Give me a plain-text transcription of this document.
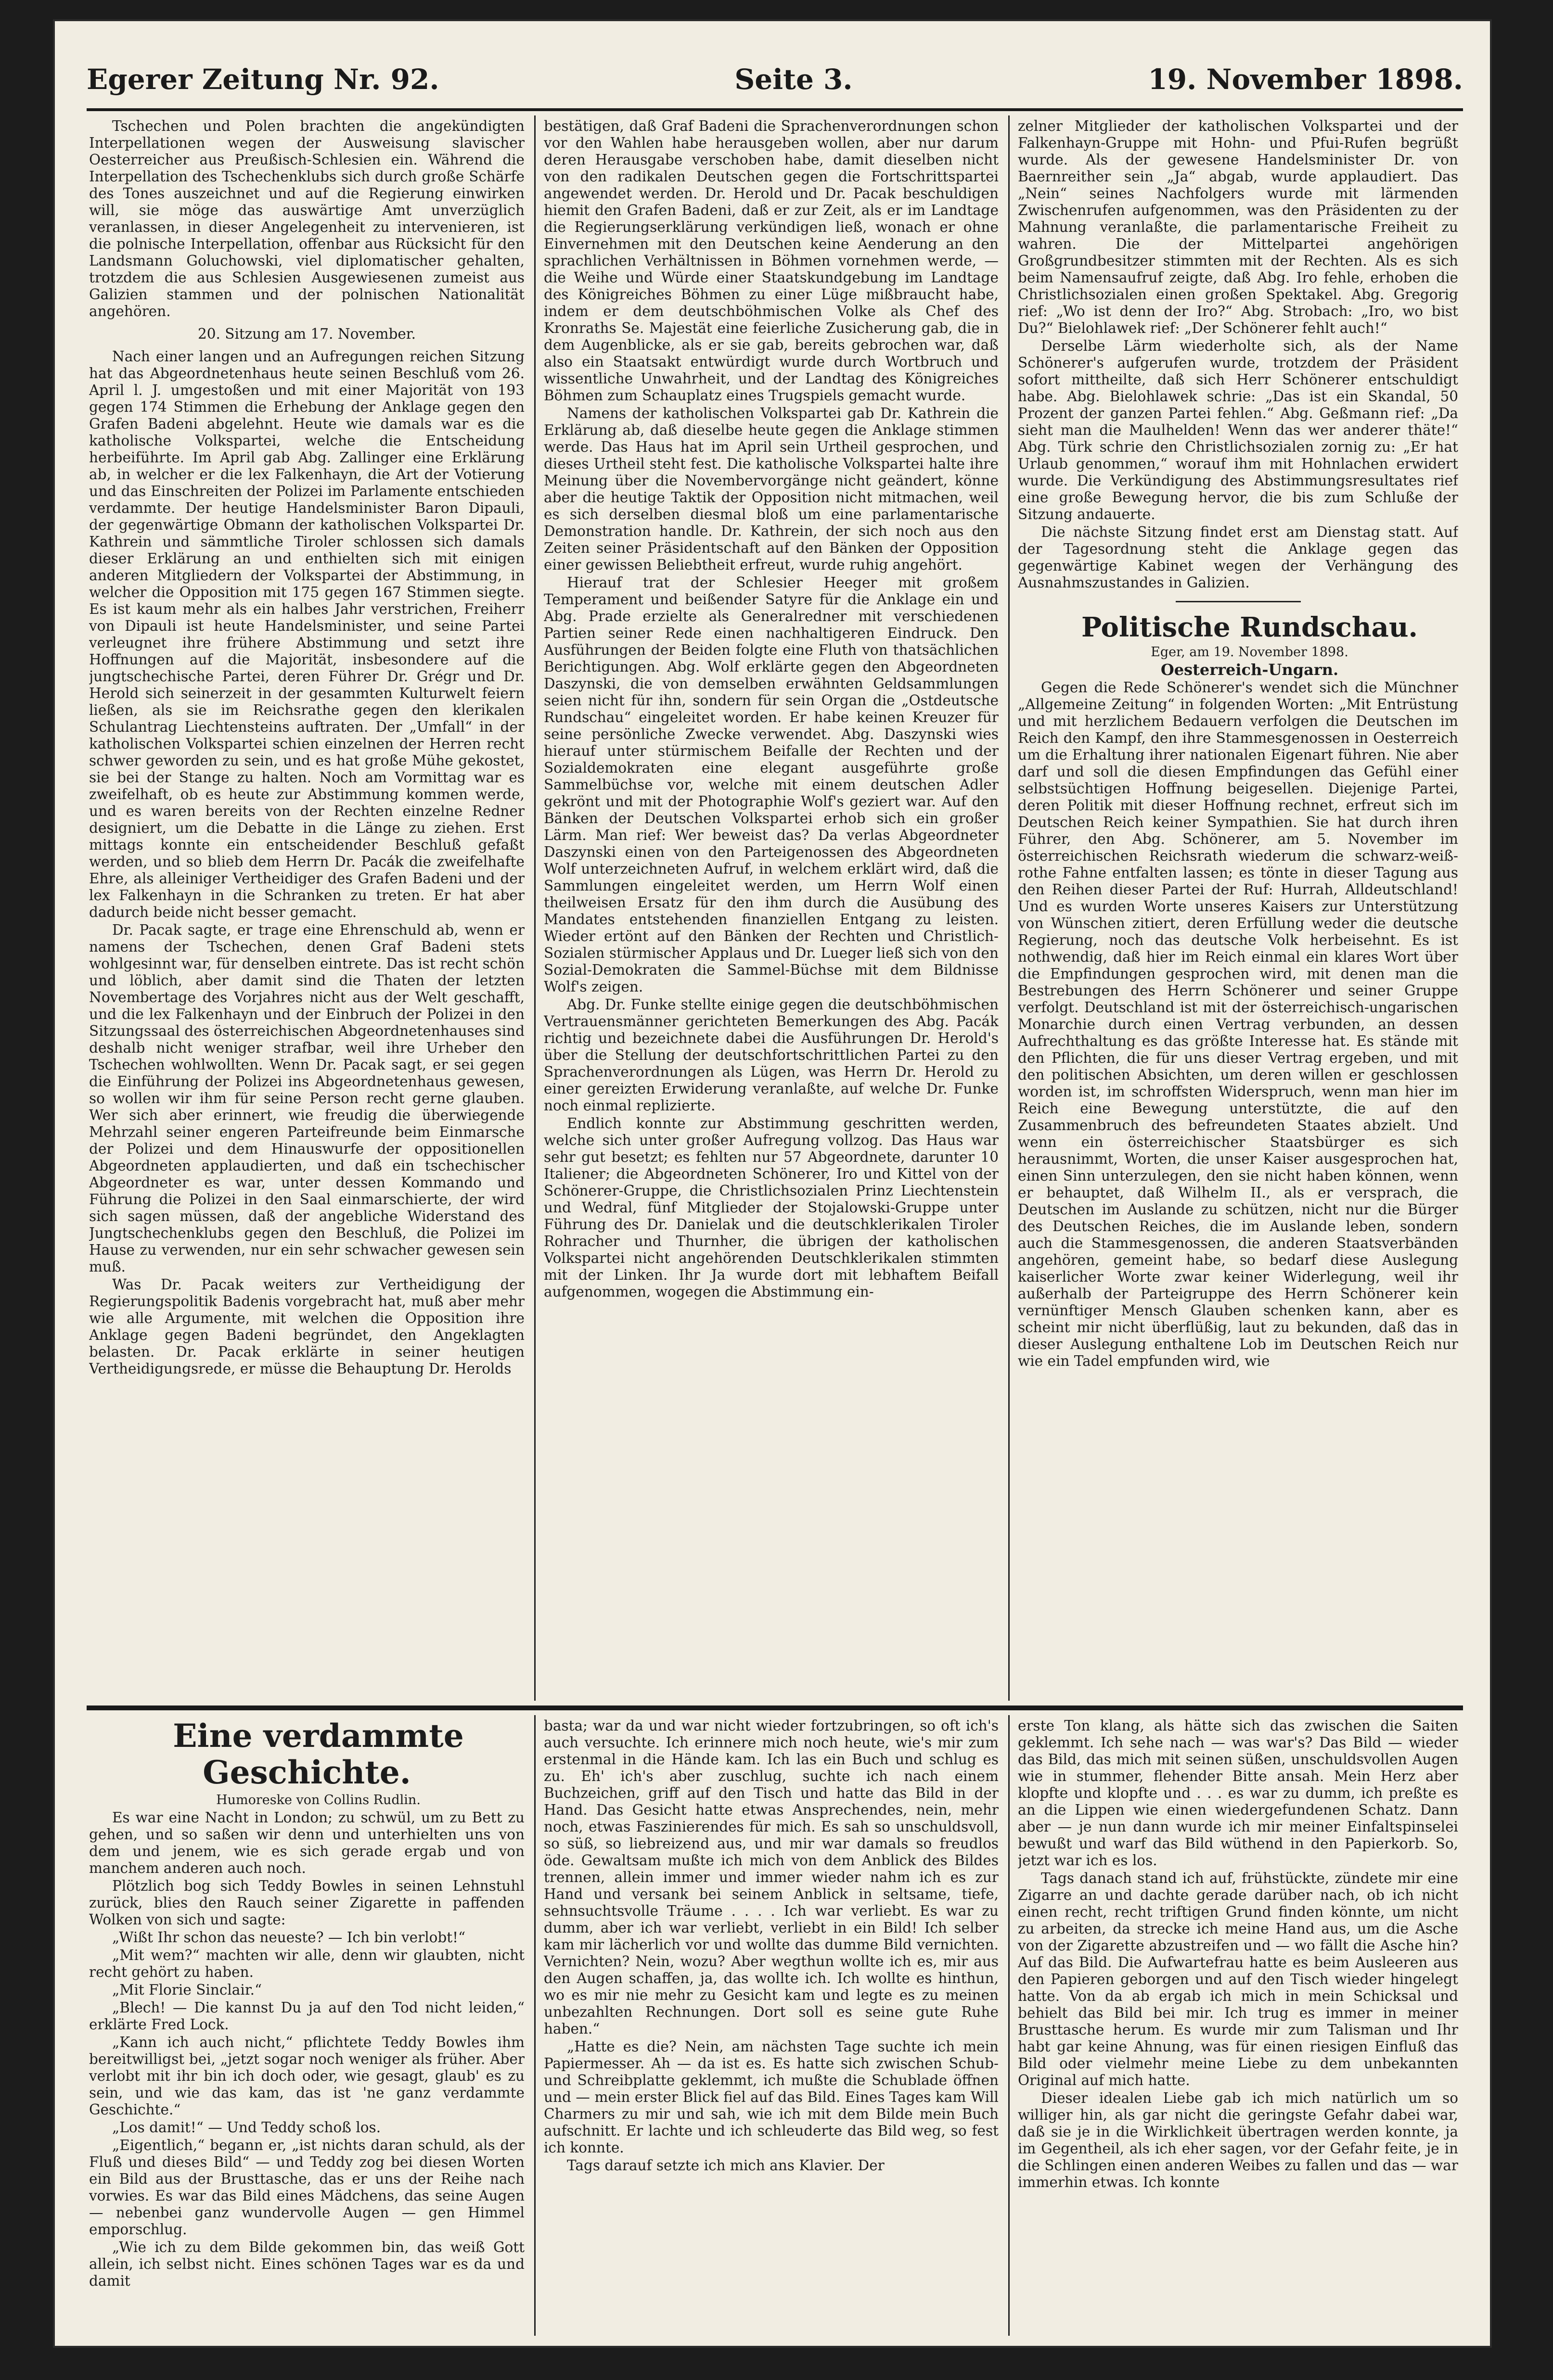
Egerer Zeitung Nr. 92.	Seite 3.	19. November 1898.

Tschechen und Polen brachten die angekündigten Interpellationen wegen der Ausweisung slavischer Oesterreicher aus Preußisch-Schlesien ein. Während die Interpellation des Tschechenklubs sich durch große Schärfe des Tones auszeichnet und auf die Regierung einwirken will, sie möge das auswärtige Amt unverzüglich veranlassen, in dieser Angelegenheit zu intervenieren, ist die polnische Interpellation, offenbar aus Rücksicht für den Landsmann Goluchowski, viel diplomatischer gehalten, trotzdem die aus Schlesien Ausgewiesenen zumeist aus Galizien stammen und der polnischen Nationalität angehören.

20. Sitzung am 17. November.

Nach einer langen und an Aufregungen reichen Sitzung hat das Abgeordnetenhaus heute seinen Beschluß vom 26. April l. J. umgestoßen und mit einer Majorität von 193 gegen 174 Stimmen die Erhebung der Anklage gegen den Grafen Badeni abgelehnt. Heute wie damals war es die katholische Volkspartei, welche die Entscheidung herbeiführte. Im April gab Abg. Zallinger eine Erklärung ab, in welcher er die lex Falkenhayn, die Art der Votierung und das Einschreiten der Polizei im Parlamente entschieden verdammte. Der heutige Handelsminister Baron Dipauli, der gegenwärtige Obmann der katholischen Volkspartei Dr. Kathrein und sämmtliche Tiroler schlossen sich damals dieser Erklärung an und enthielten sich mit einigen anderen Mitgliedern der Volkspartei der Abstimmung, in welcher die Opposition mit 175 gegen 167 Stimmen siegte. Es ist kaum mehr als ein halbes Jahr verstrichen, Freiherr von Dipauli ist heute Handelsminister, und seine Partei verleugnet ihre frühere Abstimmung und setzt ihre Hoffnungen auf die Majorität, insbesondere auf die jungtschechische Partei, deren Führer Dr. Grégr und Dr. Herold sich seinerzeit in der gesammten Kulturwelt feiern ließen, als sie im Reichsrathe gegen den klerikalen Schulantrag Liechtensteins auftraten. Der „Umfall“ in der katholischen Volkspartei schien einzelnen der Herren recht schwer geworden zu sein, und es hat große Mühe gekostet, sie bei der Stange zu halten. Noch am Vormittag war es zweifelhaft, ob es heute zur Abstimmung kommen werde, und es waren bereits von der Rechten einzelne Redner designiert, um die Debatte in die Länge zu ziehen. Erst mittags konnte ein entscheidender Beschluß gefaßt werden, und so blieb dem Herrn Dr. Pacák die zweifelhafte Ehre, als alleiniger Vertheidiger des Grafen Badeni und der lex Falkenhayn in die Schranken zu treten. Er hat aber dadurch beide nicht besser gemacht.

Dr. Pacak sagte, er trage eine Ehrenschuld ab, wenn er namens der Tschechen, denen Graf Badeni stets wohlgesinnt war, für denselben eintrete. Das ist recht schön und löblich, aber damit sind die Thaten der letzten Novembertage des Vorjahres nicht aus der Welt geschafft, und die lex Falkenhayn und der Einbruch der Polizei in den Sitzungssaal des österreichischen Abgeordnetenhauses sind deshalb nicht weniger strafbar, weil ihre Urheber den Tschechen wohlwollten. Wenn Dr. Pacak sagt, er sei gegen die Einführung der Polizei ins Abgeordnetenhaus gewesen, so wollen wir ihm für seine Person recht gerne glauben. Wer sich aber erinnert, wie freudig die überwiegende Mehrzahl seiner engeren Parteifreunde beim Einmarsche der Polizei und dem Hinauswurfe der oppositionellen Abgeordneten applaudierten, und daß ein tschechischer Abgeordneter es war, unter dessen Kommando und Führung die Polizei in den Saal einmarschierte, der wird sich sagen müssen, daß der angebliche Widerstand des Jungtschechenklubs gegen den Beschluß, die Polizei im Hause zu verwenden, nur ein sehr schwacher gewesen sein muß.

Was Dr. Pacak weiters zur Vertheidigung der Regierungspolitik Badenis vorgebracht hat, muß aber mehr wie alle Argumente, mit welchen die Opposition ihre Anklage gegen Badeni begründet, den Angeklagten belasten. Dr. Pacak erklärte in seiner heutigen Vertheidigungsrede, er müsse die Behauptung Dr. Herolds

bestätigen, daß Graf Badeni die Sprachenverordnungen schon vor den Wahlen habe herausgeben wollen, aber nur darum deren Herausgabe verschoben habe, damit dieselben nicht von den radikalen Deutschen gegen die Fortschrittspartei angewendet werden. Dr. Herold und Dr. Pacak beschuldigen hiemit den Grafen Badeni, daß er zur Zeit, als er im Landtage die Regierungserklärung verkündigen ließ, wonach er ohne Einvernehmen mit den Deutschen keine Aenderung an den sprachlichen Verhältnissen in Böhmen vornehmen werde, — die Weihe und Würde einer Staatskundgebung im Landtage des Königreiches Böhmen zu einer Lüge mißbraucht habe, indem er dem deutschböhmischen Volke als Chef des Kronraths Se. Majestät eine feierliche Zusicherung gab, die in dem Augenblicke, als er sie gab, bereits gebrochen war, daß also ein Staatsakt entwürdigt wurde durch Wortbruch und wissentliche Unwahrheit, und der Landtag des Königreiches Böhmen zum Schauplatz eines Trugspiels gemacht wurde.

Namens der katholischen Volkspartei gab Dr. Kathrein die Erklärung ab, daß dieselbe heute gegen die Anklage stimmen werde. Das Haus hat im April sein Urtheil gesprochen, und dieses Urtheil steht fest. Die katholische Volkspartei halte ihre Meinung über die Novembervorgänge nicht geändert, könne aber die heutige Taktik der Opposition nicht mitmachen, weil es sich derselben diesmal bloß um eine parlamentarische Demonstration handle. Dr. Kathrein, der sich noch aus den Zeiten seiner Präsidentschaft auf den Bänken der Opposition einer gewissen Beliebtheit erfreut, wurde ruhig angehört.

Hierauf trat der Schlesier Heeger mit großem Temperament und beißender Satyre für die Anklage ein und Abg. Prade erzielte als Generalredner mit verschiedenen Partien seiner Rede einen nachhaltigeren Eindruck. Den Ausführungen der Beiden folgte eine Fluth von thatsächlichen Berichtigungen. Abg. Wolf erklärte gegen den Abgeordneten Daszynski, die von demselben erwähnten Geldsammlungen seien nicht für ihn, sondern für sein Organ die „Ostdeutsche Rundschau“ eingeleitet worden. Er habe keinen Kreuzer für seine persönliche Zwecke verwendet. Abg. Daszynski wies hierauf unter stürmischem Beifalle der Rechten und der Sozialdemokraten eine elegant ausgeführte große Sammelbüchse vor, welche mit einem deutschen Adler gekrönt und mit der Photographie Wolf's geziert war. Auf den Bänken der Deutschen Volkspartei erhob sich ein großer Lärm. Man rief: Wer beweist das? Da verlas Abgeordneter Daszynski einen von den Parteigenossen des Abgeordneten Wolf unterzeichneten Aufruf, in welchem erklärt wird, daß die Sammlungen eingeleitet werden, um Herrn Wolf einen theilweisen Ersatz für den ihm durch die Ausübung des Mandates entstehenden finanziellen Entgang zu leisten. Wieder ertönt auf den Bänken der Rechten und Christlich-Sozialen stürmischer Applaus und Dr. Lueger ließ sich von den Sozial-Demokraten die Sammel-Büchse mit dem Bildnisse Wolf's zeigen.

Abg. Dr. Funke stellte einige gegen die deutschböhmischen Vertrauensmänner gerichteten Bemerkungen des Abg. Pacák richtig und bezeichnete dabei die Ausführungen Dr. Herold's über die Stellung der deutschfortschrittlichen Partei zu den Sprachenverordnungen als Lügen, was Herrn Dr. Herold zu einer gereizten Erwiderung veranlaßte, auf welche Dr. Funke noch einmal replizierte.

Endlich konnte zur Abstimmung geschritten werden, welche sich unter großer Aufregung vollzog. Das Haus war sehr gut besetzt; es fehlten nur 57 Abgeordnete, darunter 10 Italiener; die Abgeordneten Schönerer, Iro und Kittel von der Schönerer-Gruppe, die Christlichsozialen Prinz Liechtenstein und Wedral, fünf Mitglieder der Stojalowski-Gruppe unter Führung des Dr. Danielak und die deutschklerikalen Tiroler Rohracher und Thurnher, die übrigen der katholischen Volkspartei nicht angehörenden Deutschklerikalen stimmten mit der Linken. Ihr Ja wurde dort mit lebhaftem Beifall aufgenommen, wogegen die Abstimmung ein-

zelner Mitglieder der katholischen Volkspartei und der Falkenhayn-Gruppe mit Hohn- und Pfui-Rufen begrüßt wurde. Als der gewesene Handelsminister Dr. von Baernreither sein „Ja“ abgab, wurde applaudiert. Das „Nein“ seines Nachfolgers wurde mit lärmenden Zwischenrufen aufgenommen, was den Präsidenten zu der Mahnung veranlaßte, die parlamentarische Freiheit zu wahren. Die der Mittelpartei angehörigen Großgrundbesitzer stimmten mit der Rechten. Als es sich beim Namensaufruf zeigte, daß Abg. Iro fehle, erhoben die Christlichsozialen einen großen Spektakel. Abg. Gregorig rief: „Wo ist denn der Iro?“ Abg. Strobach: „Iro, wo bist Du?“ Bielohlawek rief: „Der Schönerer fehlt auch!“

Derselbe Lärm wiederholte sich, als der Name Schönerer's aufgerufen wurde, trotzdem der Präsident sofort mittheilte, daß sich Herr Schönerer entschuldigt habe. Abg. Bielohlawek schrie: „Das ist ein Skandal, 50 Prozent der ganzen Partei fehlen.“ Abg. Geßmann rief: „Da sieht man die Maulhelden! Wenn das wer anderer thäte!“ Abg. Türk schrie den Christlichsozialen zornig zu: „Er hat Urlaub genommen,“ worauf ihm mit Hohnlachen erwidert wurde. Die Verkündigung des Abstimmungsresultates rief eine große Bewegung hervor, die bis zum Schluße der Sitzung andauerte.

Die nächste Sitzung findet erst am Dienstag statt. Auf der Tagesordnung steht die Anklage gegen das gegenwärtige Kabinet wegen der Verhängung des Ausnahmszustandes in Galizien.

Politische Rundschau.

Eger, am 19. November 1898.

Oesterreich-Ungarn.

Gegen die Rede Schönerer's wendet sich die Münchner „Allgemeine Zeitung“ in folgenden Worten: „Mit Entrüstung und mit herzlichem Bedauern verfolgen die Deutschen im Reich den Kampf, den ihre Stammesgenossen in Oesterreich um die Erhaltung ihrer nationalen Eigenart führen. Nie aber darf und soll die diesen Empfindungen das Gefühl einer selbstsüchtigen Hoffnung beigesellen. Diejenige Partei, deren Politik mit dieser Hoffnung rechnet, erfreut sich im Deutschen Reich keiner Sympathien. Sie hat durch ihren Führer, den Abg. Schönerer, am 5. November im österreichischen Reichsrath wiederum die schwarz-weiß-rothe Fahne entfalten lassen; es tönte in dieser Tagung aus den Reihen dieser Partei der Ruf: Hurrah, Alldeutschland! Und es wurden Worte unseres Kaisers zur Unterstützung von Wünschen zitiert, deren Erfüllung weder die deutsche Regierung, noch das deutsche Volk herbeisehnt. Es ist nothwendig, daß hier im Reich einmal ein klares Wort über die Empfindungen gesprochen wird, mit denen man die Bestrebungen des Herrn Schönerer und seiner Gruppe verfolgt. Deutschland ist mit der österreichisch-ungarischen Monarchie durch einen Vertrag verbunden, an dessen Aufrechthaltung es das größte Interesse hat. Es stände mit den Pflichten, die für uns dieser Vertrag ergeben, und mit den politischen Absichten, um deren willen er geschlossen worden ist, im schroffsten Widerspruch, wenn man hier im Reich eine Bewegung unterstützte, die auf den Zusammenbruch des befreundeten Staates abzielt. Und wenn ein österreichischer Staatsbürger es sich herausnimmt, Worten, die unser Kaiser ausgesprochen hat, einen Sinn unterzulegen, den sie nicht haben können, wenn er behauptet, daß Wilhelm II., als er versprach, die Deutschen im Auslande zu schützen, nicht nur die Bürger des Deutschen Reiches, die im Auslande leben, sondern auch die Stammesgenossen, die anderen Staatsverbänden angehören, gemeint habe, so bedarf diese Auslegung kaiserlicher Worte zwar keiner Widerlegung, weil ihr außerhalb der Parteigruppe des Herrn Schönerer kein vernünftiger Mensch Glauben schenken kann, aber es scheint mir nicht überflüßig, laut zu bekunden, daß das in dieser Auslegung enthaltene Lob im Deutschen Reich nur wie ein Tadel empfunden wird, wie

Eine verdammte Geschichte.

Humoreske von Collins Rudlin.

Es war eine Nacht in London; zu schwül, um zu Bett zu gehen, und so saßen wir denn und unterhielten uns von dem und jenem, wie es sich gerade ergab und von manchem anderen auch noch.

Plötzlich bog sich Teddy Bowles in seinen Lehnstuhl zurück, blies den Rauch seiner Zigarette in paffenden Wolken von sich und sagte:

„Wißt Ihr schon das neueste? — Ich bin verlobt!“

„Mit wem?“ machten wir alle, denn wir glaubten, nicht recht gehört zu haben.

„Mit Florie Sinclair.“

„Blech! — Die kannst Du ja auf den Tod nicht leiden,“ erklärte Fred Lock.

„Kann ich auch nicht,“ pflichtete Teddy Bowles ihm bereitwilligst bei, „jetzt sogar noch weniger als früher. Aber verlobt mit ihr bin ich doch oder, wie gesagt, glaub' es zu sein, und wie das kam, das ist 'ne ganz verdammte Geschichte.“

„Los damit!“ — Und Teddy schoß los.

„Eigentlich,“ begann er, „ist nichts daran schuld, als der Fluß und dieses Bild“ — und Teddy zog bei diesen Worten ein Bild aus der Brusttasche, das er uns der Reihe nach vorwies. Es war das Bild eines Mädchens, das seine Augen — nebenbei ganz wundervolle Augen — gen Himmel emporschlug.

„Wie ich zu dem Bilde gekommen bin, das weiß Gott allein, ich selbst nicht. Eines schönen Tages war es da und damit

basta; war da und war nicht wieder fortzubringen, so oft ich's auch versuchte. Ich erinnere mich noch heute, wie's mir zum erstenmal in die Hände kam. Ich las ein Buch und schlug es zu. Eh' ich's aber zuschlug, suchte ich nach einem Buchzeichen, griff auf den Tisch und hatte das Bild in der Hand. Das Gesicht hatte etwas Ansprechendes, nein, mehr noch, etwas Faszinierendes für mich. Es sah so unschuldsvoll, so süß, so liebreizend aus, und mir war damals so freudlos öde. Gewaltsam mußte ich mich von dem Anblick des Bildes trennen, allein immer und immer wieder nahm ich es zur Hand und versank bei seinem Anblick in seltsame, tiefe, sehnsuchtsvolle Träume . . . . Ich war verliebt. Es war zu dumm, aber ich war verliebt, verliebt in ein Bild! Ich selber kam mir lächerlich vor und wollte das dumme Bild vernichten. Vernichten? Nein, wozu? Aber wegthun wollte ich es, mir aus den Augen schaffen, ja, das wollte ich. Ich wollte es hinthun, wo es mir nie mehr zu Gesicht kam und legte es zu meinen unbezahlten Rechnungen. Dort soll es seine gute Ruhe haben.“

„Hatte es die? Nein, am nächsten Tage suchte ich mein Papiermesser. Ah — da ist es. Es hatte sich zwischen Schub- und Schreibplatte geklemmt, ich mußte die Schublade öffnen und — mein erster Blick fiel auf das Bild. Eines Tages kam Will Charmers zu mir und sah, wie ich mit dem Bilde mein Buch aufschnitt. Er lachte und ich schleuderte das Bild weg, so fest ich konnte.

Tags darauf setzte ich mich ans Klavier. Der

erste Ton klang, als hätte sich das zwischen die Saiten geklemmt. Ich sehe nach — was war's? Das Bild — wieder das Bild, das mich mit seinen süßen, unschuldsvollen Augen wie in stummer, flehender Bitte ansah. Mein Herz aber klopfte und klopfte und . . . es war zu dumm, ich preßte es an die Lippen wie einen wiedergefundenen Schatz. Dann aber — je nun dann wurde ich mir meiner Einfaltspinselei bewußt und warf das Bild wüthend in den Papierkorb. So, jetzt war ich es los.

Tags danach stand ich auf, frühstückte, zündete mir eine Zigarre an und dachte gerade darüber nach, ob ich nicht einen recht, recht triftigen Grund finden könnte, um nicht zu arbeiten, da strecke ich meine Hand aus, um die Asche von der Zigarette abzustreifen und — wo fällt die Asche hin? Auf das Bild. Die Aufwartefrau hatte es beim Ausleeren aus den Papieren geborgen und auf den Tisch wieder hingelegt hatte. Von da ab ergab ich mich in mein Schicksal und behielt das Bild bei mir. Ich trug es immer in meiner Brusttasche herum. Es wurde mir zum Talisman und Ihr habt gar keine Ahnung, was für einen riesigen Einfluß das Bild oder vielmehr meine Liebe zu dem unbekannten Original auf mich hatte.

Dieser idealen Liebe gab ich mich natürlich um so williger hin, als gar nicht die geringste Gefahr dabei war, daß sie je in die Wirklichkeit übertragen werden konnte, ja im Gegentheil, als ich eher sagen, vor der Gefahr feite, je in die Schlingen einen anderen Weibes zu fallen und das — war immerhin etwas. Ich konnte
